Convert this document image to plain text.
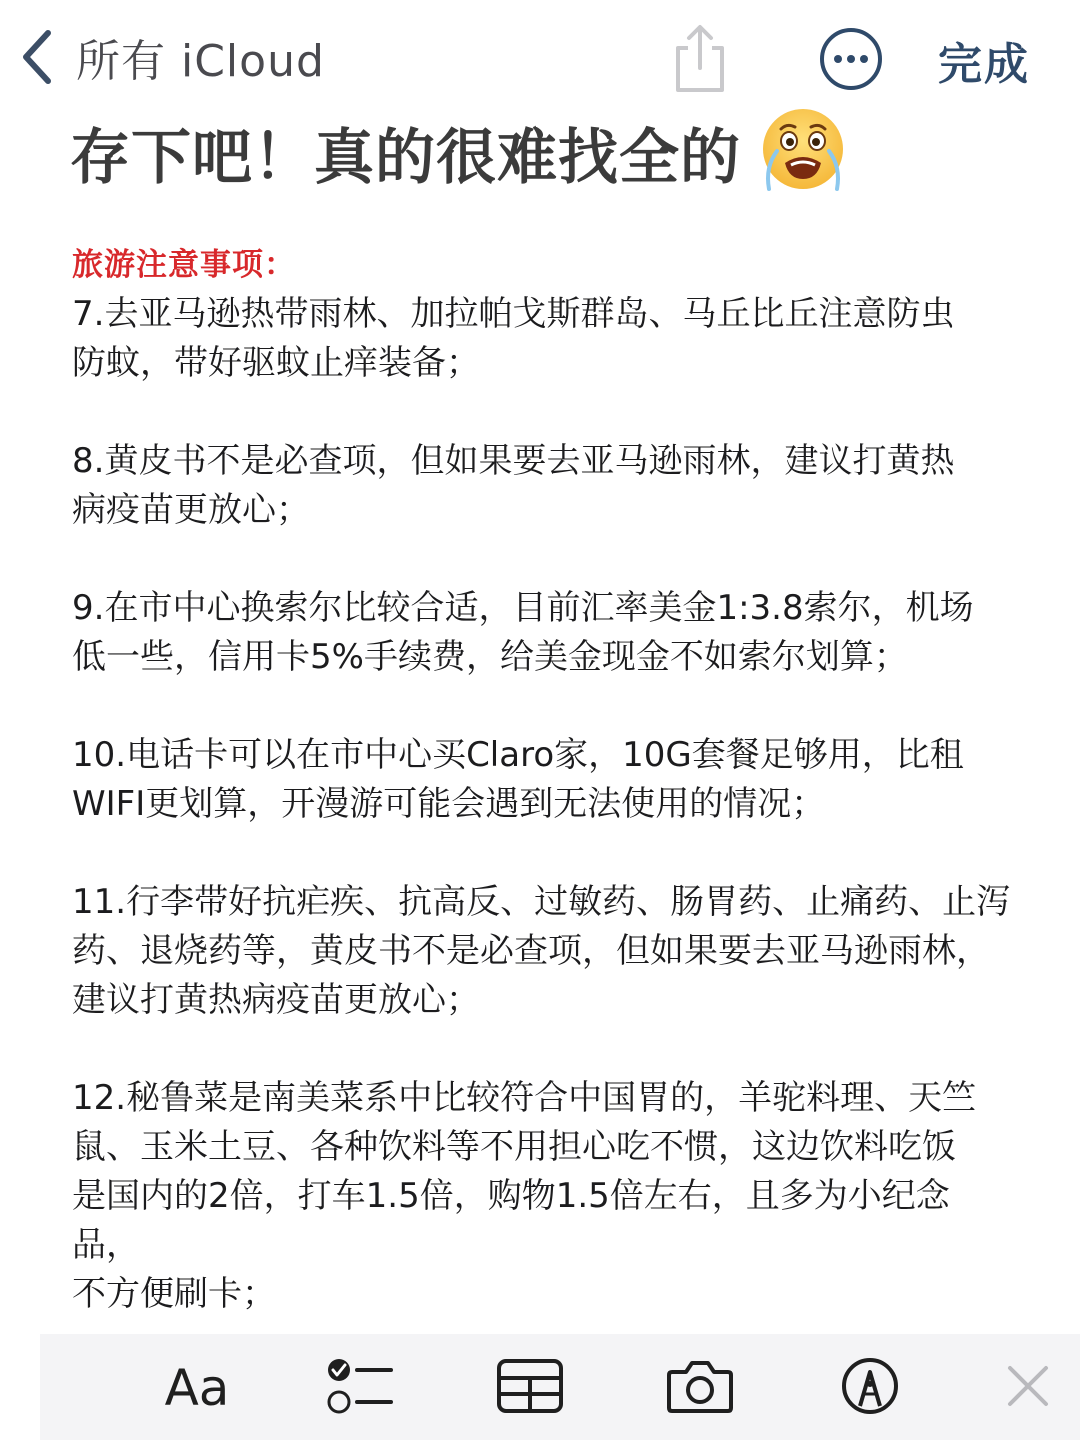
所有 iCloud	完成
存下吧！真的很难找全的
旅游注意事项：

7.去亚马逊热带雨林、加拉帕戈斯群岛、马丘比丘注意防虫
防蚊，带好驱蚊止痒装备；

8.黄皮书不是必查项，但如果要去亚马逊雨林，建议打黄热
病疫苗更放心；

9.在市中心换索尔比较合适，目前汇率美金1:3.8索尔，机场
低一些，信用卡5%手续费，给美金现金不如索尔划算；

10.电话卡可以在市中心买Claro家，10G套餐足够用，比租
WIFI更划算，开漫游可能会遇到无法使用的情况；

11.行李带好抗疟疾、抗高反、过敏药、肠胃药、止痛药、止泻
药、退烧药等，黄皮书不是必查项，但如果要去亚马逊雨林，
建议打黄热病疫苗更放心；

12.秘鲁菜是南美菜系中比较符合中国胃的，羊驼料理、天竺
鼠、玉米土豆、各种饮料等不用担心吃不惯，这边饮料吃饭
是国内的2倍，打车1.5倍，购物1.5倍左右，且多为小纪念品，
不方便刷卡；

Aa
